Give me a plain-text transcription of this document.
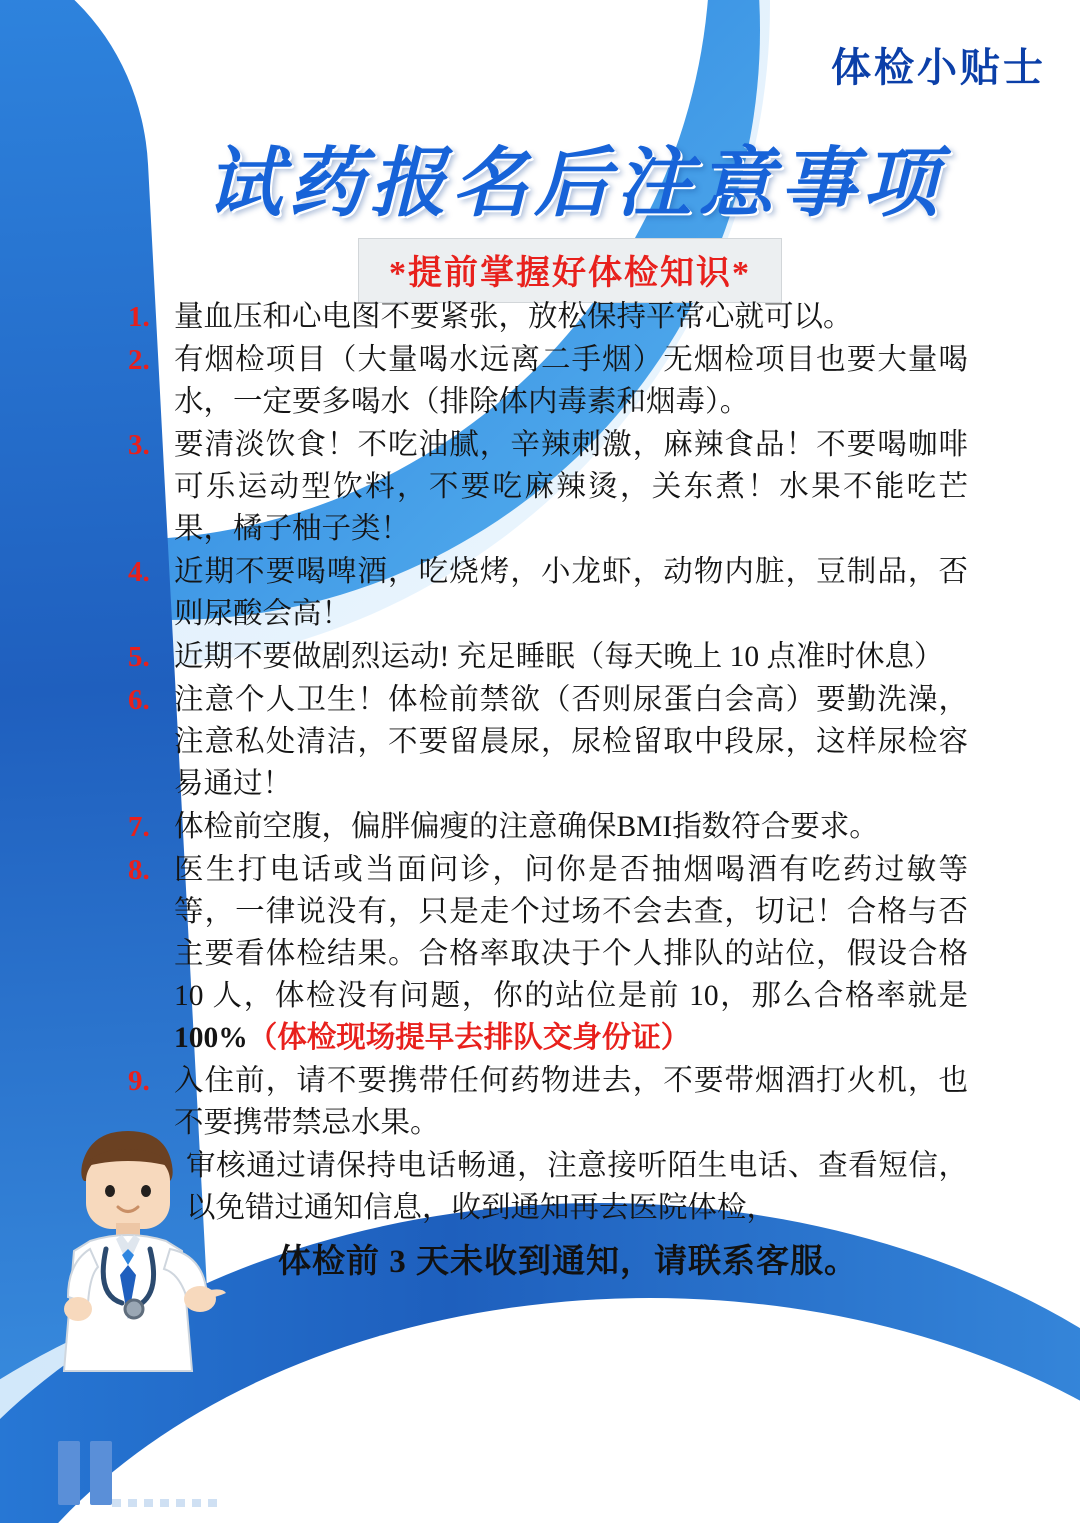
体检小贴士
试药报名后注意事项
*提前掌握好体检知识*
1. 量血压和心电图不要紧张，放松保持平常心就可以。
2. 有烟检项目（大量喝水远离二手烟）无烟检项目也要大量喝水，一定要多喝水（排除体内毒素和烟毒）。
3. 要清淡饮食！不吃油腻，辛辣刺激，麻辣食品！不要喝咖啡可乐运动型饮料，不要吃麻辣烫，关东煮！水果不能吃芒果，橘子柚子类！
4. 近期不要喝啤酒，吃烧烤，小龙虾，动物内脏，豆制品，否则尿酸会高！
5. 近期不要做剧烈运动! 充足睡眠（每天晚上 10 点准时休息）
6. 注意个人卫生！体检前禁欲（否则尿蛋白会高）要勤洗澡，注意私处清洁，不要留晨尿，尿检留取中段尿，这样尿检容易通过！
7. 体检前空腹，偏胖偏瘦的注意确保BMI指数符合要求。
8. 医生打电话或当面问诊，问你是否抽烟喝酒有吃药过敏等等，一律说没有，只是走个过场不会去查，切记！合格与否主要看体检结果。合格率取决于个人排队的站位，假设合格 10 人，体检没有问题，你的站位是前 10，那么合格率就是 100%（体检现场提早去排队交身份证）
9. 入住前，请不要携带任何药物进去，不要带烟酒打火机，也不要携带禁忌水果。
审核通过请保持电话畅通，注意接听陌生电话、查看短信，以免错过通知信息，收到通知再去医院体检，
体检前 3 天未收到通知，请联系客服。
